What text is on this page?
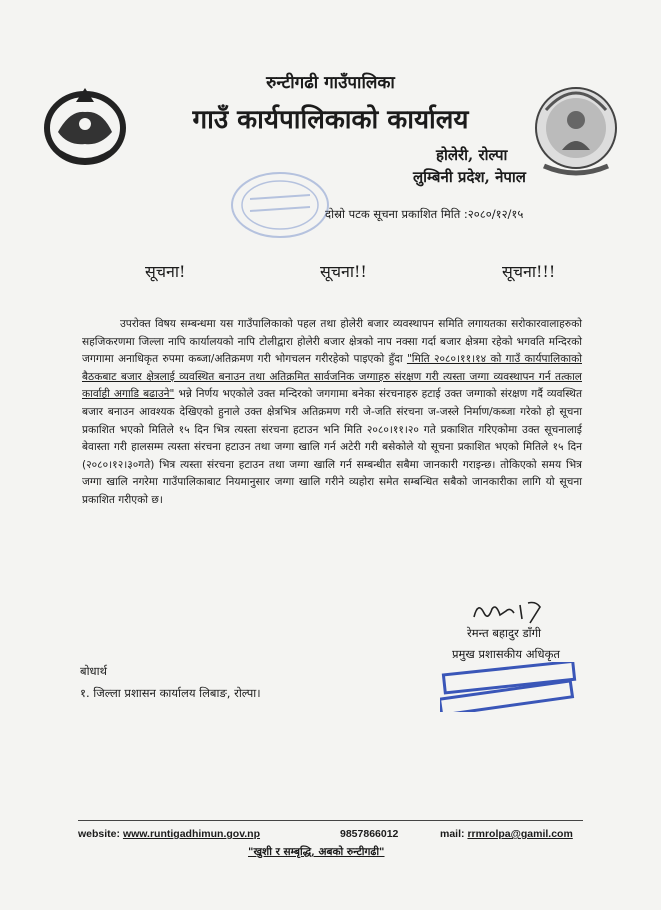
रुन्टीगढी गाउँपालिका
गाउँ कार्यपालिकाको कार्यालय
होलेरी, रोल्पा
लुम्बिनी प्रदेश, नेपाल
दोस्रो पटक सूचना प्रकाशित मिति :२०८०/१२/१५
सूचना!	सूचना!!	सूचना!!!
उपरोक्त विषय सम्बन्धमा यस गाउँपालिकाको पहल तथा होलेरी बजार व्यवस्थापन समिति लगायतका सरोकारवालाहरुको सहजिकरणमा जिल्ला नापि कार्यालयको नापि टोलीद्वारा होलेरी बजार क्षेत्रको नाप नक्सा गर्दा बजार क्षेत्रमा रहेको भगवति मन्दिरको जगगामा अनाधिकृत रुपमा कब्जा/अतिक्रमण गरी भोगचलन गरीरहेको पाइएको हुँदा "मिति २०८०।११।१४ को गाउँ कार्यपालिकाको बैठकबाट बजार क्षेत्रलाई व्यवस्थित बनाउन तथा अतिक्रमित सार्वजनिक जग्गाहरु संरक्षण गरी त्यस्ता जग्गा व्यवस्थापन गर्न तत्काल कार्वाही अगाडि बढाउने" भन्ने निर्णय भएकोले उक्त मन्दिरको जगगामा बनेका संरचनाहरु हटाई उक्त जग्गाको संरक्षण गर्दै व्यवस्थित बजार बनाउन आवश्यक देखिएको हुनाले उक्त क्षेत्रभित्र अतिक्रमण गरी जे-जति संरचना ज-जस्ले निर्माण/कब्जा गरेको हो सूचना प्रकाशित भएको मितिले १५ दिन भित्र त्यस्ता संरचना हटाउन भनि मिति २०८०।११।२० गते प्रकाशित गरिएकोमा उक्त सूचनालाई बेवास्ता गरी हालसम्म त्यस्ता संरचना हटाउन तथा जग्गा खालि गर्न अटेरी गरी बसेकोले यो सूचना प्रकाशित भएको मितिले १५ दिन (२०८०।१२।३०गते) भित्र त्यस्ता संरचना हटाउन तथा जग्गा खालि गर्न सम्बन्धीत सबैमा जानकारी गराइन्छ। तोकिएको समय भित्र जग्गा खालि नगरेमा गाउँपालिकाबाट नियमानुसार जग्गा खालि गरीने व्यहोरा समेत सम्बन्धित सबैको जानकारीका लागि यो सूचना प्रकाशित गरीएको छ।
रेमन्त बहादुर डाँगी
प्रमुख प्रशासकीय अधिकृत
बोधार्थ
१. जिल्ला प्रशासन कार्यालय लिबाङ, रोल्पा।
website: www.runtigadhimun.gov.np	9857866012	mail: rrmrolpa@gamil.com
"खुशी र सम्बृद्धि, अबको रुन्टीगढी"
